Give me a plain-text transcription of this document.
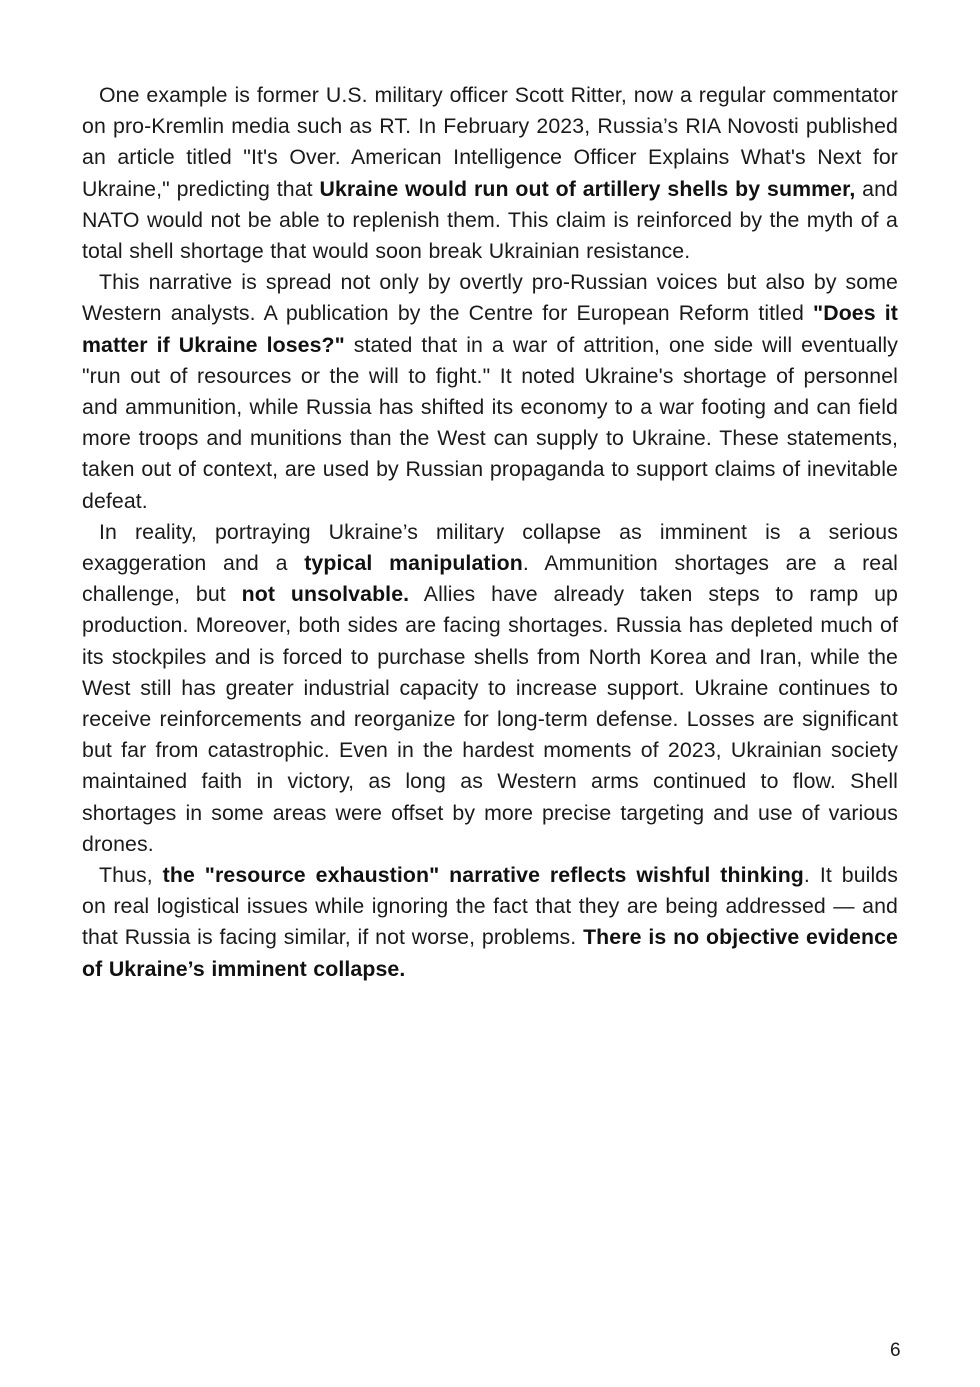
One example is former U.S. military officer Scott Ritter, now a regular commentator on pro-Kremlin media such as RT. In February 2023, Russia’s RIA Novosti published an article titled "It's Over. American Intelligence Officer Explains What's Next for Ukraine," predicting that Ukraine would run out of artillery shells by summer, and NATO would not be able to replenish them. This claim is reinforced by the myth of a total shell shortage that would soon break Ukrainian resistance.

This narrative is spread not only by overtly pro-Russian voices but also by some Western analysts. A publication by the Centre for European Reform titled "Does it matter if Ukraine loses?" stated that in a war of attrition, one side will eventually "run out of resources or the will to fight." It noted Ukraine's shortage of personnel and ammunition, while Russia has shifted its economy to a war footing and can field more troops and munitions than the West can supply to Ukraine. These statements, taken out of context, are used by Russian propaganda to support claims of inevitable defeat.

In reality, portraying Ukraine’s military collapse as imminent is a serious exaggeration and a typical manipulation. Ammunition shortages are a real challenge, but not unsolvable. Allies have already taken steps to ramp up production. Moreover, both sides are facing shortages. Russia has depleted much of its stockpiles and is forced to purchase shells from North Korea and Iran, while the West still has greater industrial capacity to increase support. Ukraine continues to receive reinforcements and reorganize for long-term defense. Losses are significant but far from catastrophic. Even in the hardest moments of 2023, Ukrainian society maintained faith in victory, as long as Western arms continued to flow. Shell shortages in some areas were offset by more precise targeting and use of various drones.

Thus, the "resource exhaustion" narrative reflects wishful thinking. It builds on real logistical issues while ignoring the fact that they are being addressed — and that Russia is facing similar, if not worse, problems. There is no objective evidence of Ukraine’s imminent collapse.

6
